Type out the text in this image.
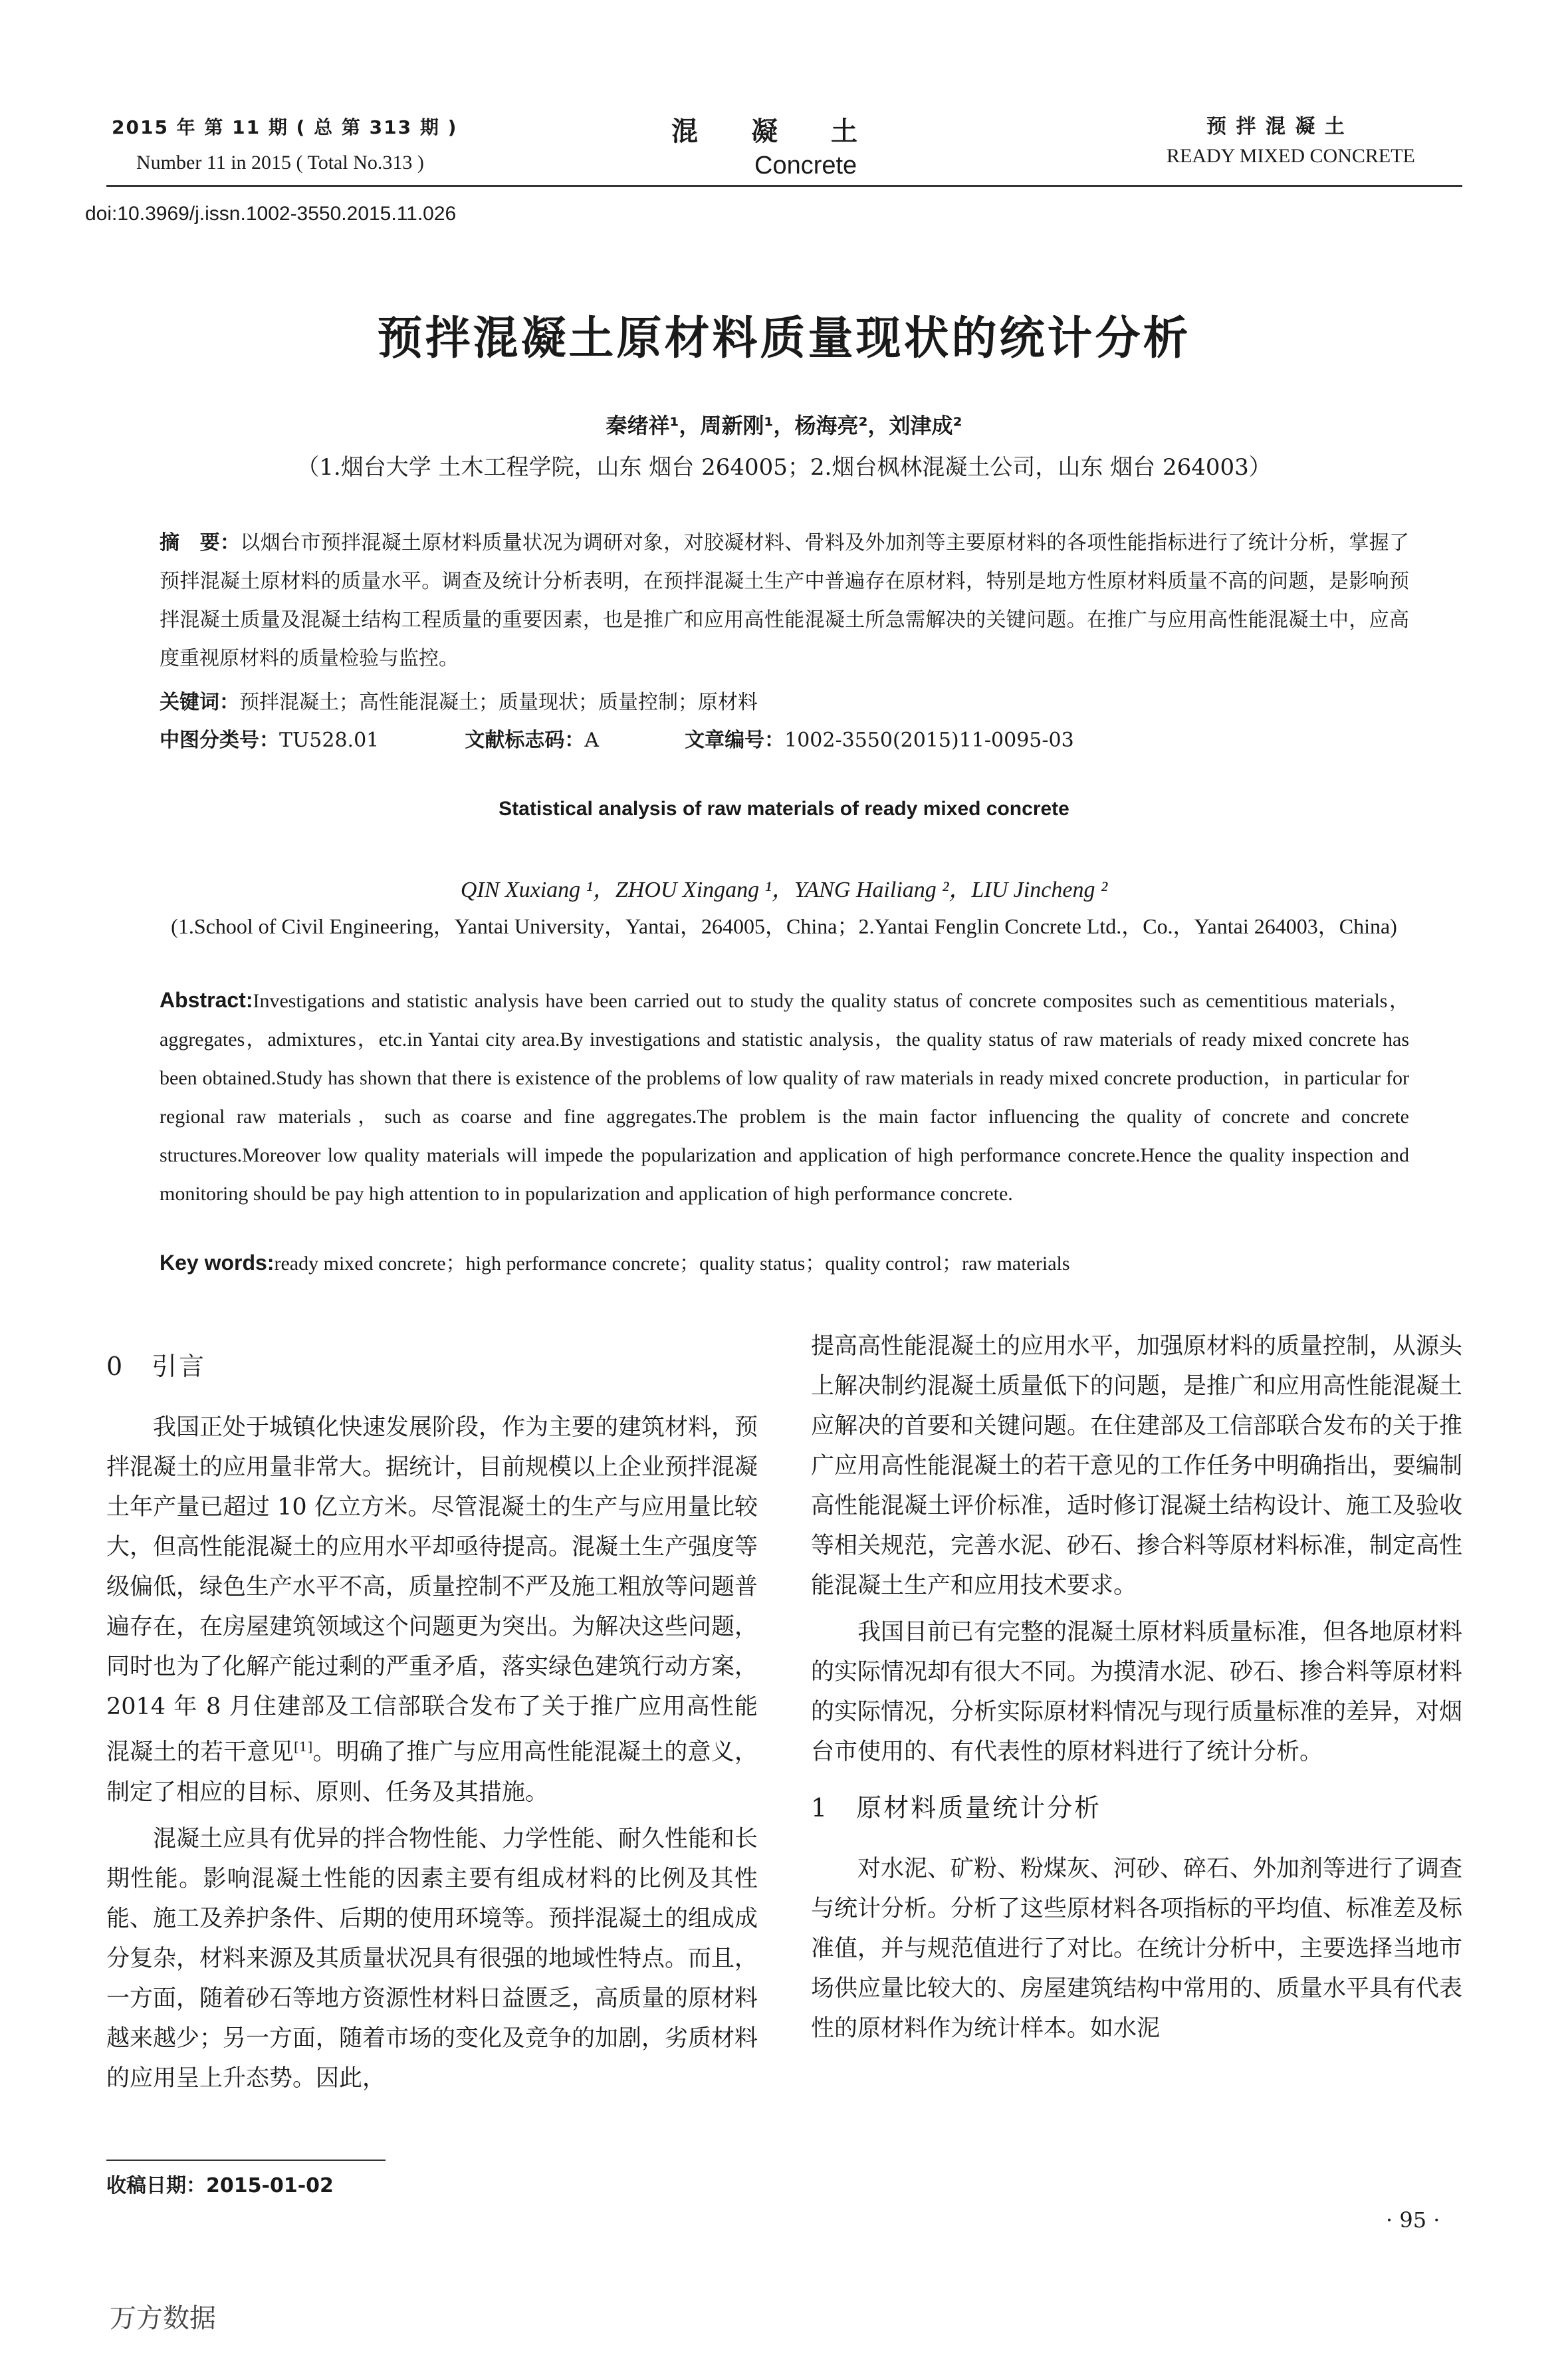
2015 年 第 11 期 ( 总 第 313 期 )
Number 11 in 2015 ( Total No.313 )
混　　凝　　土
Concrete
预 拌 混 凝 土
READY MIXED CONCRETE
doi:10.3969/j.issn.1002-3550.2015.11.026
预拌混凝土原材料质量现状的统计分析
秦绪祥¹，周新刚¹，杨海亮²，刘津成²
（1.烟台大学 土木工程学院，山东 烟台 264005；2.烟台枫林混凝土公司，山东 烟台 264003）
摘　要：以烟台市预拌混凝土原材料质量状况为调研对象，对胶凝材料、骨料及外加剂等主要原材料的各项性能指标进行了统计分析，掌握了预拌混凝土原材料的质量水平。调查及统计分析表明，在预拌混凝土生产中普遍存在原材料，特别是地方性原材料质量不高的问题，是影响预拌混凝土质量及混凝土结构工程质量的重要因素，也是推广和应用高性能混凝土所急需解决的关键问题。在推广与应用高性能混凝土中，应高度重视原材料的质量检验与监控。
关键词：预拌混凝土；高性能混凝土；质量现状；质量控制；原材料
中图分类号：TU528.01	文献标志码：A	文章编号：1002-3550(2015)11-0095-03
Statistical analysis of raw materials of ready mixed concrete
QIN Xuxiang ¹，ZHOU Xingang ¹，YANG Hailiang ²，LIU Jincheng ²
(1.School of Civil Engineering，Yantai University，Yantai，264005，China；2.Yantai Fenglin Concrete Ltd.，Co.，Yantai 264003，China)
Abstract:Investigations and statistic analysis have been carried out to study the quality status of concrete composites such as cementitious materials，aggregates，admixtures，etc.in Yantai city area.By investigations and statistic analysis，the quality status of raw materials of ready mixed concrete has been obtained.Study has shown that there is existence of the problems of low quality of raw materials in ready mixed concrete production，in particular for regional raw materials，such as coarse and fine aggregates.The problem is the main factor influencing the quality of concrete and concrete structures.Moreover low quality materials will impede the popularization and application of high performance concrete.Hence the quality inspection and monitoring should be pay high attention to in popularization and application of high performance concrete.
Key words:ready mixed concrete；high performance concrete；quality status；quality control；raw materials
0　引言

我国正处于城镇化快速发展阶段，作为主要的建筑材料，预拌混凝土的应用量非常大。据统计，目前规模以上企业预拌混凝土年产量已超过 10 亿立方米。尽管混凝土的生产与应用量比较大，但高性能混凝土的应用水平却亟待提高。混凝土生产强度等级偏低，绿色生产水平不高，质量控制不严及施工粗放等问题普遍存在，在房屋建筑领域这个问题更为突出。为解决这些问题，同时也为了化解产能过剩的严重矛盾，落实绿色建筑行动方案，2014 年 8 月住建部及工信部联合发布了关于推广应用高性能混凝土的若干意见[1]。明确了推广与应用高性能混凝土的意义，制定了相应的目标、原则、任务及其措施。

混凝土应具有优异的拌合物性能、力学性能、耐久性能和长期性能。影响混凝土性能的因素主要有组成材料的比例及其性能、施工及养护条件、后期的使用环境等。预拌混凝土的组成成分复杂，材料来源及其质量状况具有很强的地域性特点。而且，一方面，随着砂石等地方资源性材料日益匮乏，高质量的原材料越来越少；另一方面，随着市场的变化及竞争的加剧，劣质材料的应用呈上升态势。因此，

提高高性能混凝土的应用水平，加强原材料的质量控制，从源头上解决制约混凝土质量低下的问题，是推广和应用高性能混凝土应解决的首要和关键问题。在住建部及工信部联合发布的关于推广应用高性能混凝土的若干意见的工作任务中明确指出，要编制高性能混凝土评价标准，适时修订混凝土结构设计、施工及验收等相关规范，完善水泥、砂石、掺合料等原材料标准，制定高性能混凝土生产和应用技术要求。

我国目前已有完整的混凝土原材料质量标准，但各地原材料的实际情况却有很大不同。为摸清水泥、砂石、掺合料等原材料的实际情况，分析实际原材料情况与现行质量标准的差异，对烟台市使用的、有代表性的原材料进行了统计分析。

1　原材料质量统计分析

对水泥、矿粉、粉煤灰、河砂、碎石、外加剂等进行了调查与统计分析。分析了这些原材料各项指标的平均值、标准差及标准值，并与规范值进行了对比。在统计分析中，主要选择当地市场供应量比较大的、房屋建筑结构中常用的、质量水平具有代表性的原材料作为统计样本。如水泥

收稿日期：2015-01-02
· 95 ·
万方数据
